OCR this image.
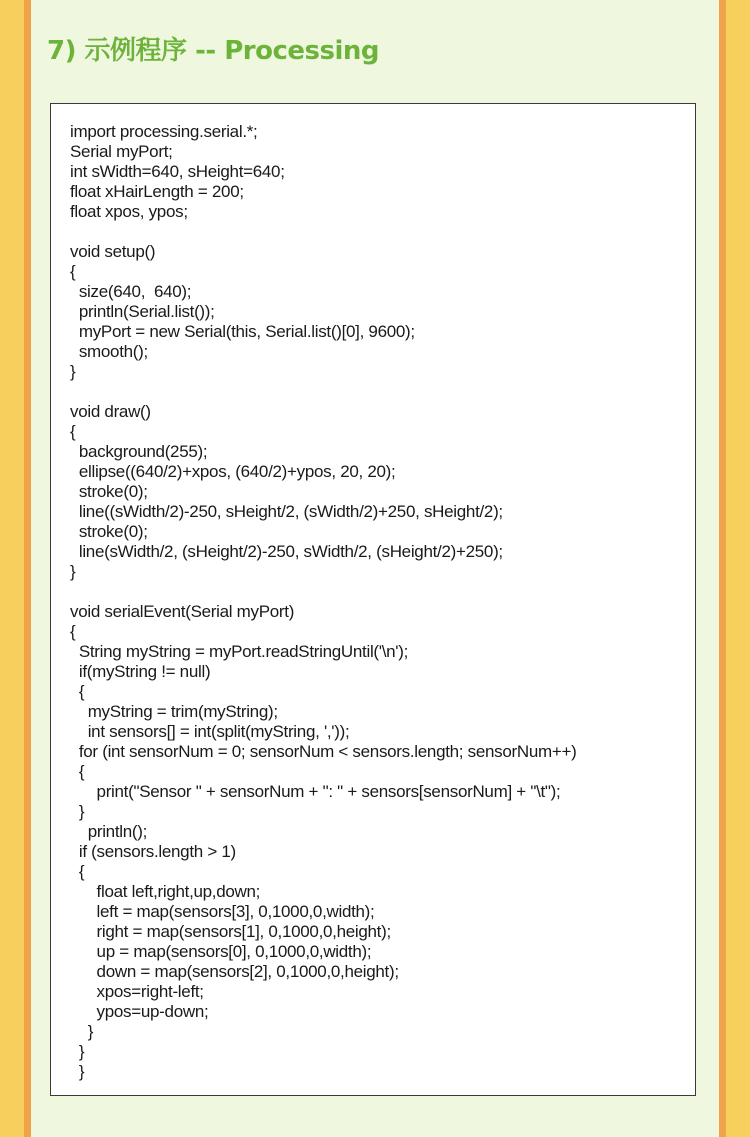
7) 示例程序 -- Processing
import processing.serial.*;
Serial myPort;
int sWidth=640, sHeight=640;
float xHairLength = 200;
float xpos, ypos;

void setup()
{
size(640,  640);
println(Serial.list());
myPort = new Serial(this, Serial.list()[0], 9600);
smooth();
}

void draw()
{
background(255);
ellipse((640/2)+xpos, (640/2)+ypos, 20, 20);
stroke(0);
line((sWidth/2)-250, sHeight/2, (sWidth/2)+250, sHeight/2);
stroke(0);
line(sWidth/2, (sHeight/2)-250, sWidth/2, (sHeight/2)+250);
}

void serialEvent(Serial myPort)
{
String myString = myPort.readStringUntil('\n');
if(myString != null)
{
myString = trim(myString);
int sensors[] = int(split(myString, ','));
for (int sensorNum = 0; sensorNum < sensors.length; sensorNum++)
{
print("Sensor " + sensorNum + ": " + sensors[sensorNum] + "\t");
}
println();
if (sensors.length > 1)
{
float left,right,up,down;
left = map(sensors[3], 0,1000,0,width);
right = map(sensors[1], 0,1000,0,height);
up = map(sensors[0], 0,1000,0,width);
down = map(sensors[2], 0,1000,0,height);
xpos=right-left;
ypos=up-down;
}
}
}
